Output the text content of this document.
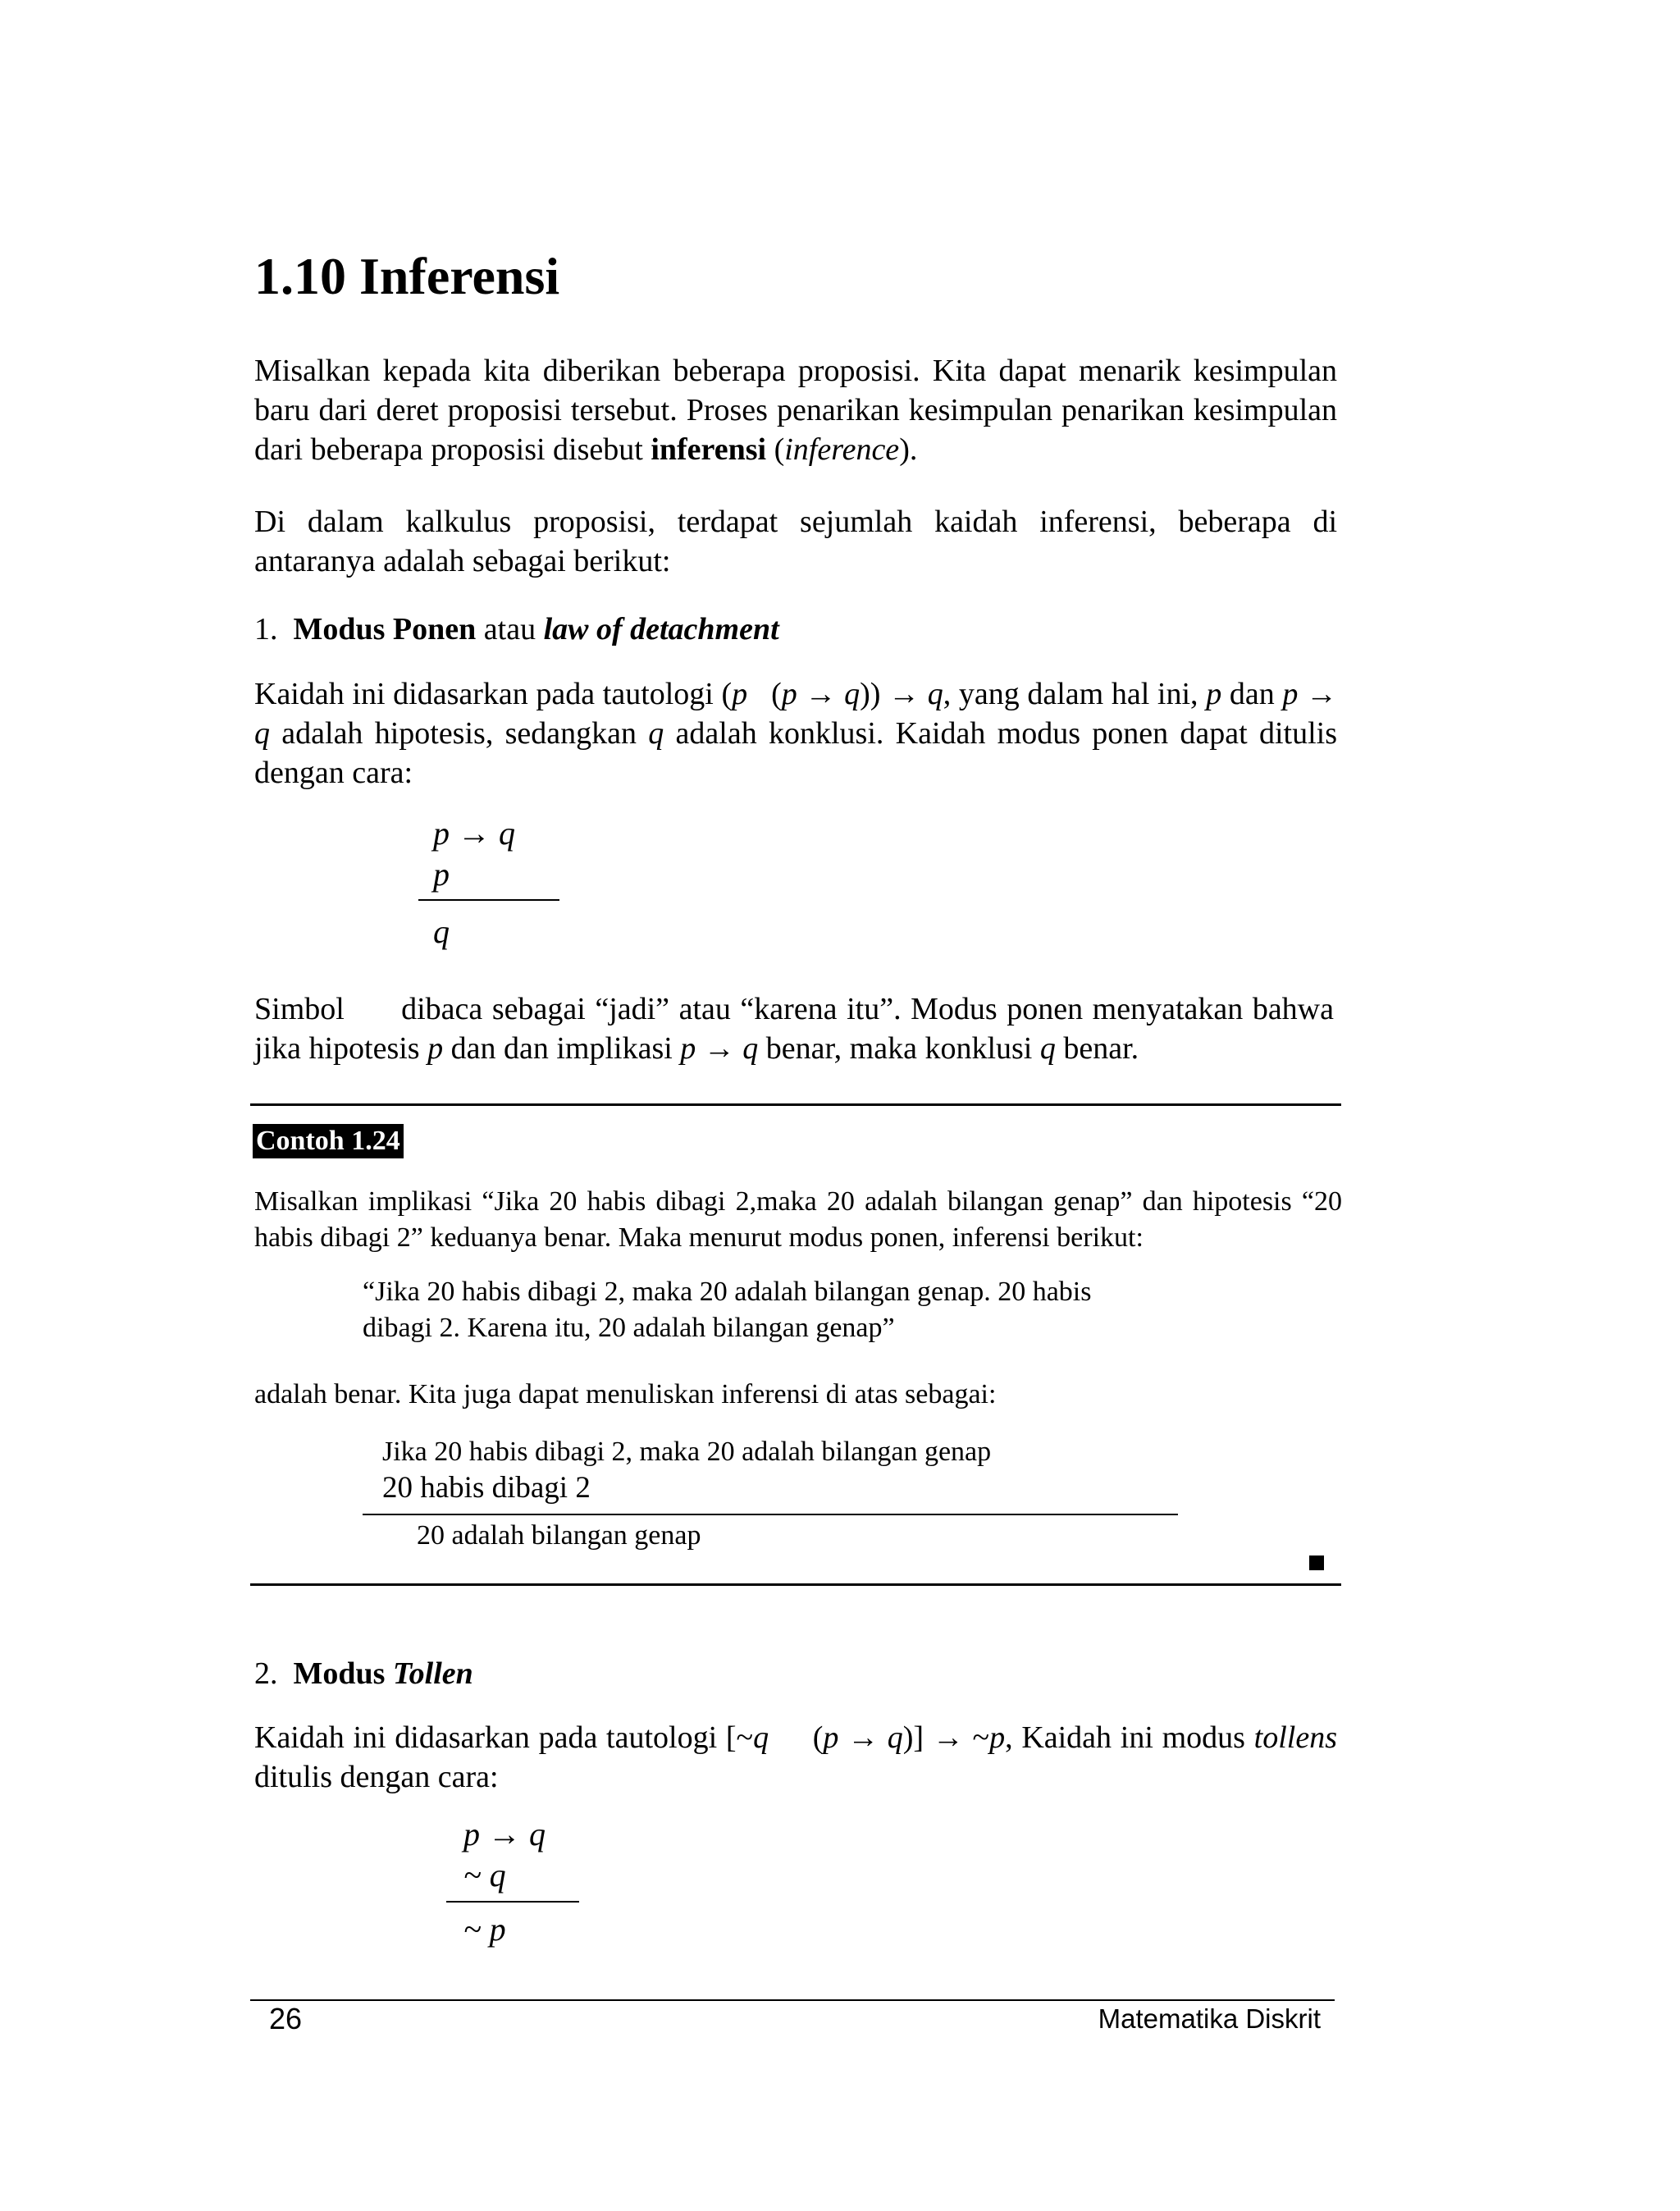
1.10 Inferensi

Misalkan kepada kita diberikan beberapa proposisi. Kita dapat menarik kesimpulan baru dari deret proposisi tersebut. Proses penarikan kesimpulan penarikan kesimpulan dari beberapa proposisi disebut inferensi (inference).

Di dalam kalkulus proposisi, terdapat sejumlah kaidah inferensi, beberapa di antaranya adalah sebagai berikut:

1. Modus Ponen atau law of detachment

Kaidah ini didasarkan pada tautologi (p   (p → q)) → q, yang dalam hal ini, p dan p → q adalah hipotesis, sedangkan q adalah konklusi. Kaidah modus ponen dapat ditulis dengan cara:

p → q
p
q

Simbol      dibaca sebagai “jadi” atau “karena itu”. Modus ponen menyatakan bahwa jika hipotesis p dan dan implikasi p → q benar, maka konklusi q benar.

Contoh 1.24

Misalkan implikasi “Jika 20 habis dibagi 2,maka 20 adalah bilangan genap” dan hipotesis “20 habis dibagi 2” keduanya benar. Maka menurut modus ponen, inferensi berikut:

“Jika 20 habis dibagi 2, maka 20 adalah bilangan genap. 20 habis
dibagi 2. Karena itu, 20 adalah bilangan genap”
adalah benar. Kita juga dapat menuliskan inferensi di atas sebagai:
Jika 20 habis dibagi 2, maka 20 adalah bilangan genap
20 habis dibagi 2
20 adalah bilangan genap

2. Modus Tollen

Kaidah ini didasarkan pada tautologi [~q     (p → q)] → ~p, Kaidah ini modus tollens ditulis dengan cara:

p → q
~ q
~ p
26	Matematika Diskrit
